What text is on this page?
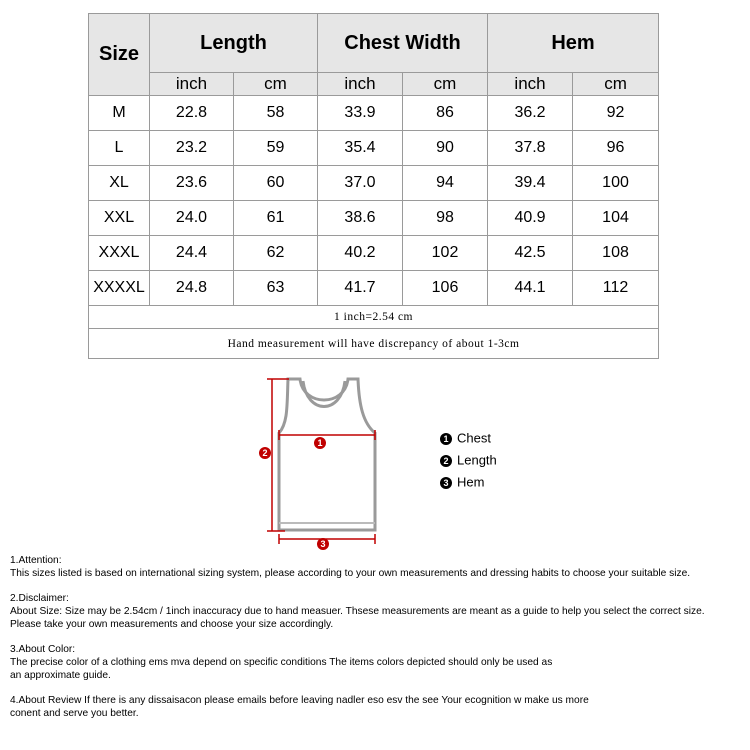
Size	Length		Chest Width		Hem	
	inch	cm	inch	cm	inch	cm
M	22.8	58	33.9	86	36.2	92
L	23.2	59	35.4	90	37.8	96
XL	23.6	60	37.0	94	39.4	100
XXL	24.0	61	38.6	98	40.9	104
XXXL	24.4	62	40.2	102	42.5	108
XXXXL	24.8	63	41.7	106	44.1	112
1 inch=2.54 cm						
Hand measurement will have discrepancy of about 1-3cm						
1
2
3
1 Chest
2 Length
3 Hem

1.Attention:
This sizes listed is based on international sizing system, please according to your own measurements and dressing habits to choose your suitable size.

2.Disclaimer:
About Size: Size may be 2.54cm / 1inch inaccuracy due to hand measuer. Thsese measurements are meant as a guide to help you select the correct size.
Please take your own measurements and choose your size accordingly.

3.About Color:
The precise color of a clothing ems mva depend on specific conditions The items colors depicted should only be used as
an approximate guide.

4.About Review If there is any dissaisacon please emails before leaving nadler eso esv the see Your ecognition w make us more
conent and serve you better.
